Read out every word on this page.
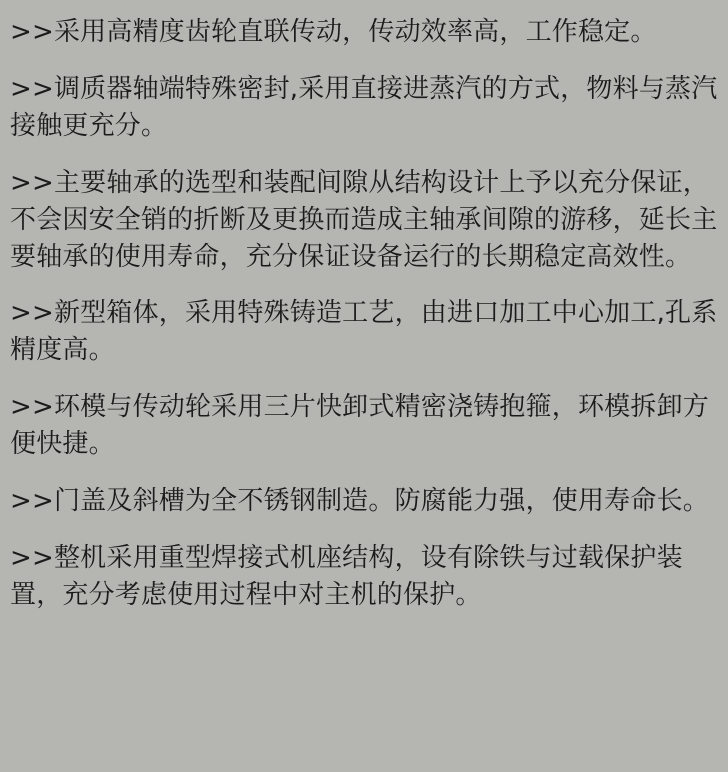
>>采用高精度齿轮直联传动，传动效率高，工作稳定。

>>调质器轴端特殊密封,采用直接进蒸汽的方式，物料与蒸汽接触更充分。

>>主要轴承的选型和装配间隙从结构设计上予以充分保证，不会因安全销的折断及更换而造成主轴承间隙的游移，延长主要轴承的使用寿命，充分保证设备运行的长期稳定高效性。

>>新型箱体，采用特殊铸造工艺，由进口加工中心加工,孔系精度高。

>>环模与传动轮采用三片快卸式精密浇铸抱箍，环模拆卸方便快捷。

>>门盖及斜槽为全不锈钢制造。防腐能力强，使用寿命长。

>>整机采用重型焊接式机座结构，设有除铁与过载保护装置，充分考虑使用过程中对主机的保护。
